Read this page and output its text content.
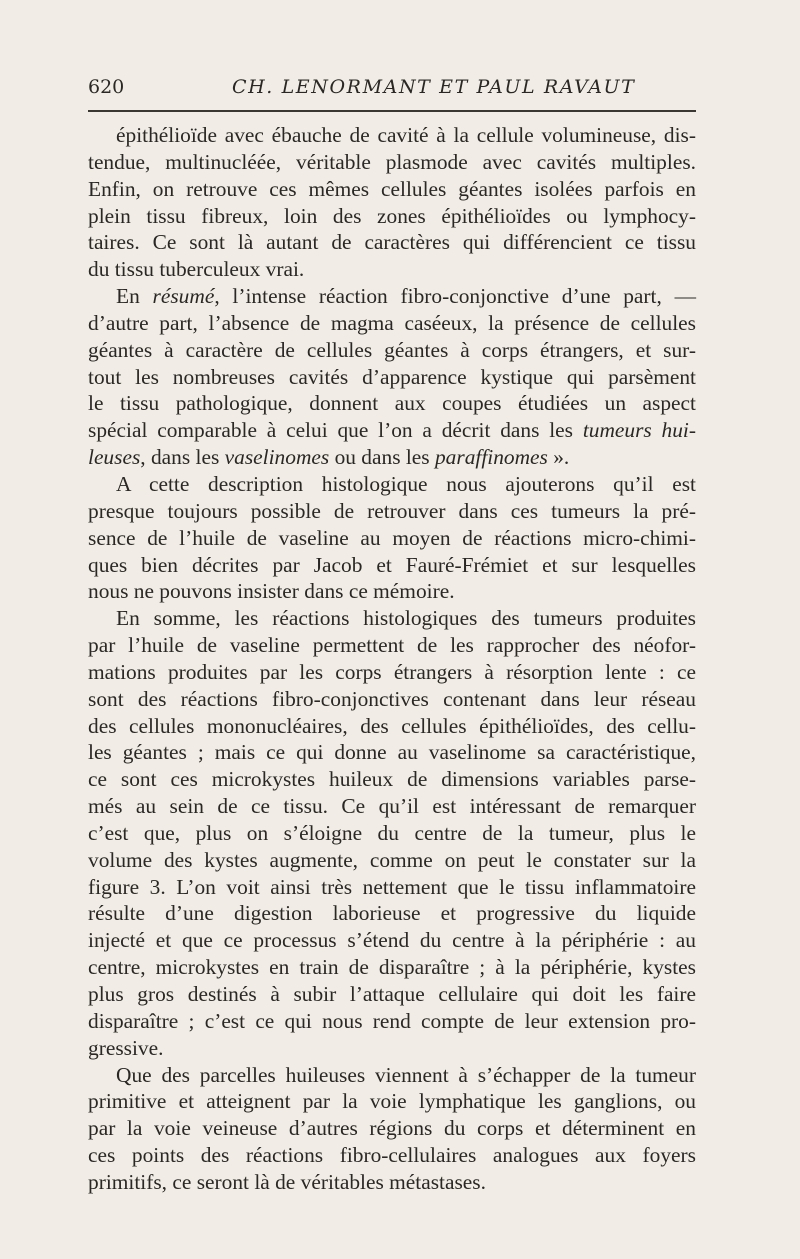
620	CH. LENORMANT ET PAUL RAVAUT
épithélioïde avec ébauche de cavité à la cellule volumineuse, dis-
tendue, multinucléée, véritable plasmode avec cavités multiples.
Enfin, on retrouve ces mêmes cellules géantes isolées parfois en
plein tissu fibreux, loin des zones épithélioïdes ou lymphocy-
taires. Ce sont là autant de caractères qui différencient ce tissu
du tissu tuberculeux vrai.
En résumé, l’intense réaction fibro-conjonctive d’une part, —
d’autre part, l’absence de magma caséeux, la présence de cellules
géantes à caractère de cellules géantes à corps étrangers, et sur-
tout les nombreuses cavités d’apparence kystique qui parsèment
le tissu pathologique, donnent aux coupes étudiées un aspect
spécial comparable à celui que l’on a décrit dans les tumeurs hui-
leuses, dans les vaselinomes ou dans les paraffinomes ».
A cette description histologique nous ajouterons qu’il est
presque toujours possible de retrouver dans ces tumeurs la pré-
sence de l’huile de vaseline au moyen de réactions micro-chimi-
ques bien décrites par Jacob et Fauré-Frémiet et sur lesquelles
nous ne pouvons insister dans ce mémoire.
En somme, les réactions histologiques des tumeurs produites
par l’huile de vaseline permettent de les rapprocher des néofor-
mations produites par les corps étrangers à résorption lente : ce
sont des réactions fibro-conjonctives contenant dans leur réseau
des cellules mononucléaires, des cellules épithélioïdes, des cellu-
les géantes ; mais ce qui donne au vaselinome sa caractéristique,
ce sont ces microkystes huileux de dimensions variables parse-
més au sein de ce tissu. Ce qu’il est intéressant de remarquer
c’est que, plus on s’éloigne du centre de la tumeur, plus le
volume des kystes augmente, comme on peut le constater sur la
figure 3. L’on voit ainsi très nettement que le tissu inflammatoire
résulte d’une digestion laborieuse et progressive du liquide
injecté et que ce processus s’étend du centre à la périphérie : au
centre, microkystes en train de disparaître ; à la périphérie, kystes
plus gros destinés à subir l’attaque cellulaire qui doit les faire
disparaître ; c’est ce qui nous rend compte de leur extension pro-
gressive.
Que des parcelles huileuses viennent à s’échapper de la tumeur
primitive et atteignent par la voie lymphatique les ganglions, ou
par la voie veineuse d’autres régions du corps et déterminent en
ces points des réactions fibro-cellulaires analogues aux foyers
primitifs, ce seront là de véritables métastases.
